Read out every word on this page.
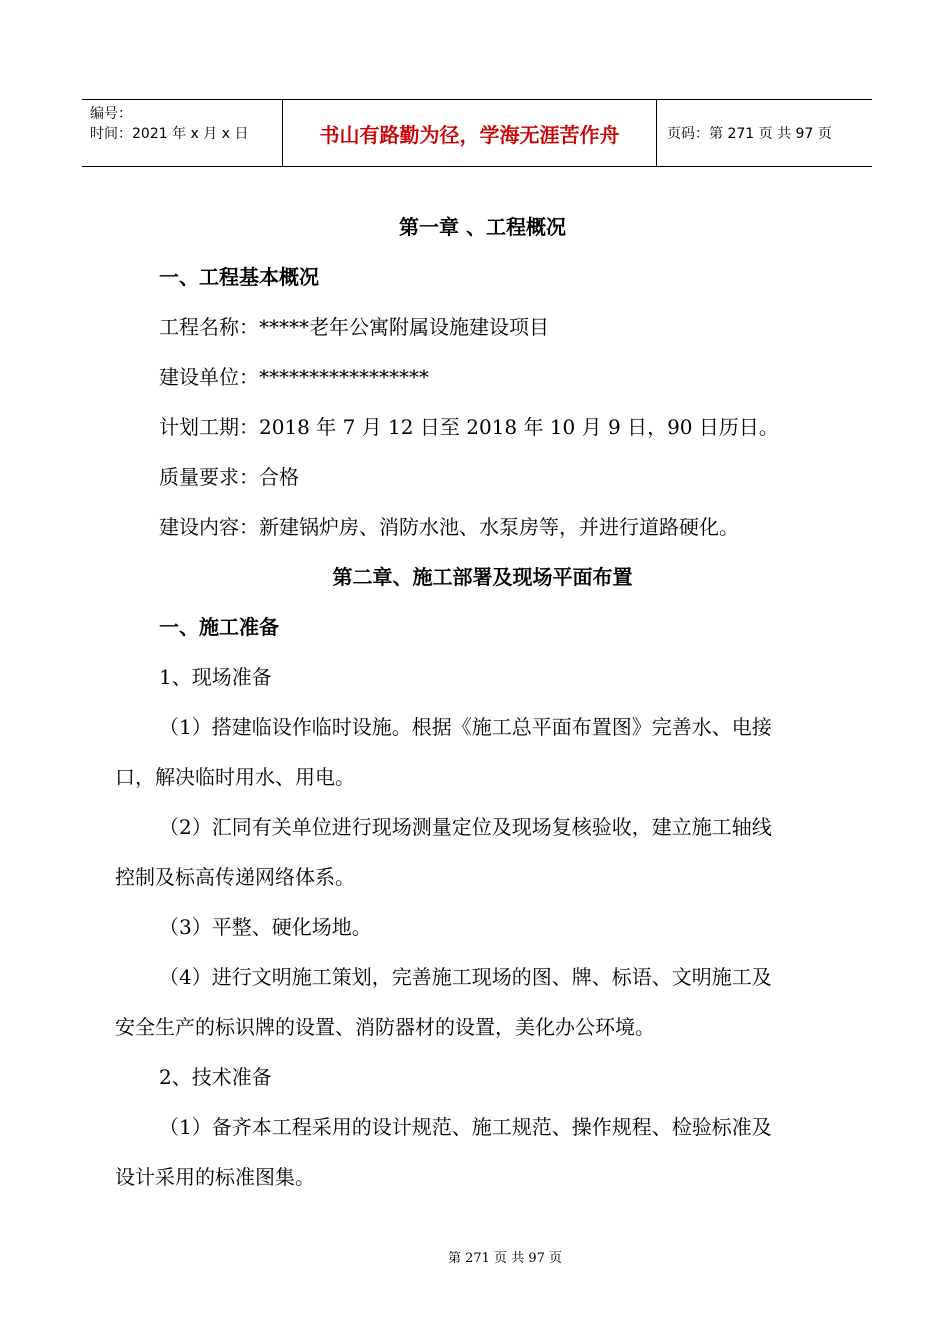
编号：
时间：2021 年 x 月 x 日	书山有路勤为径，学海无涯苦作舟	页码：第 271 页 共 97 页
第一章 、工程概况
一、工程基本概况
工程名称：*****老年公寓附属设施建设项目
建设单位：*****************
计划工期：2018 年 7 月 12 日至 2018 年 10 月 9 日，90 日历日。
质量要求：合格
建设内容：新建锅炉房、消防水池、水泵房等，并进行道路硬化。
第二章、施工部署及现场平面布置
一、施工准备
1、现场准备
（1）搭建临设作临时设施。根据《施工总平面布置图》完善水、电接
口，解决临时用水、用电。
（2）汇同有关单位进行现场测量定位及现场复核验收，建立施工轴线
控制及标高传递网络体系。
（3）平整、硬化场地。
（4）进行文明施工策划，完善施工现场的图、牌、标语、文明施工及
安全生产的标识牌的设置、消防器材的设置，美化办公环境。
2、技术准备
（1）备齐本工程采用的设计规范、施工规范、操作规程、检验标准及
设计采用的标准图集。
第 271 页 共 97 页
